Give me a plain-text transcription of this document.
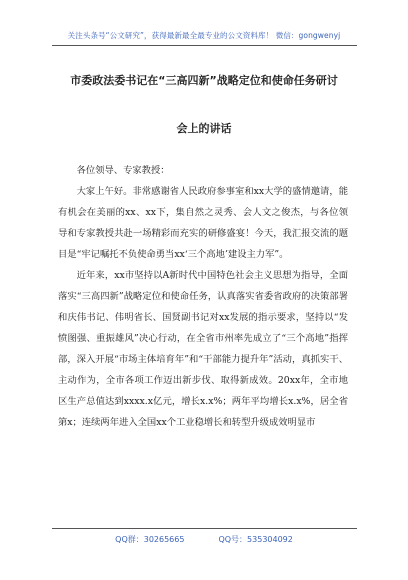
关注头条号“公文研究”，获得最新最全最专业的公文资料库！ 微信：gongwenyj
市委政法委书记在“三高四新”战略定位和使命任务研讨
会上的讲话

各位领导、专家教授：

大家上午好。非常感谢省人民政府参事室和xx大学的盛情邀请，能有机会在美丽的xx、xx下，集自然之灵秀、会人文之俊杰，与各位领导和专家教授共赴一场精彩而充实的研修盛宴！今天，我汇报交流的题目是“牢记嘱托不负使命勇当xx‘三个高地’建设主力军”。

近年来，xx市坚持以A新时代中国特色社会主义思想为指导，全面落实“三高四新”战略定位和使命任务，认真落实省委省政府的决策部署和庆伟书记、伟明省长、国贤副书记对xx发展的指示要求，坚持以“发愤图强、重振雄风”决心行动，在全省市州率先成立了“三个高地”指挥部，深入开展“市场主体培育年”和“干部能力提升年”活动，真抓实干、主动作为，全市各项工作迈出新步伐、取得新成效。20xx年，全市地区生产总值达到xxxx.x亿元，增长x.x%；两年平均增长x.x%，居全省第x；连续两年进入全国xx个工业稳增长和转型升级成效明显市

QQ群：30265665	QQ号：535304092
